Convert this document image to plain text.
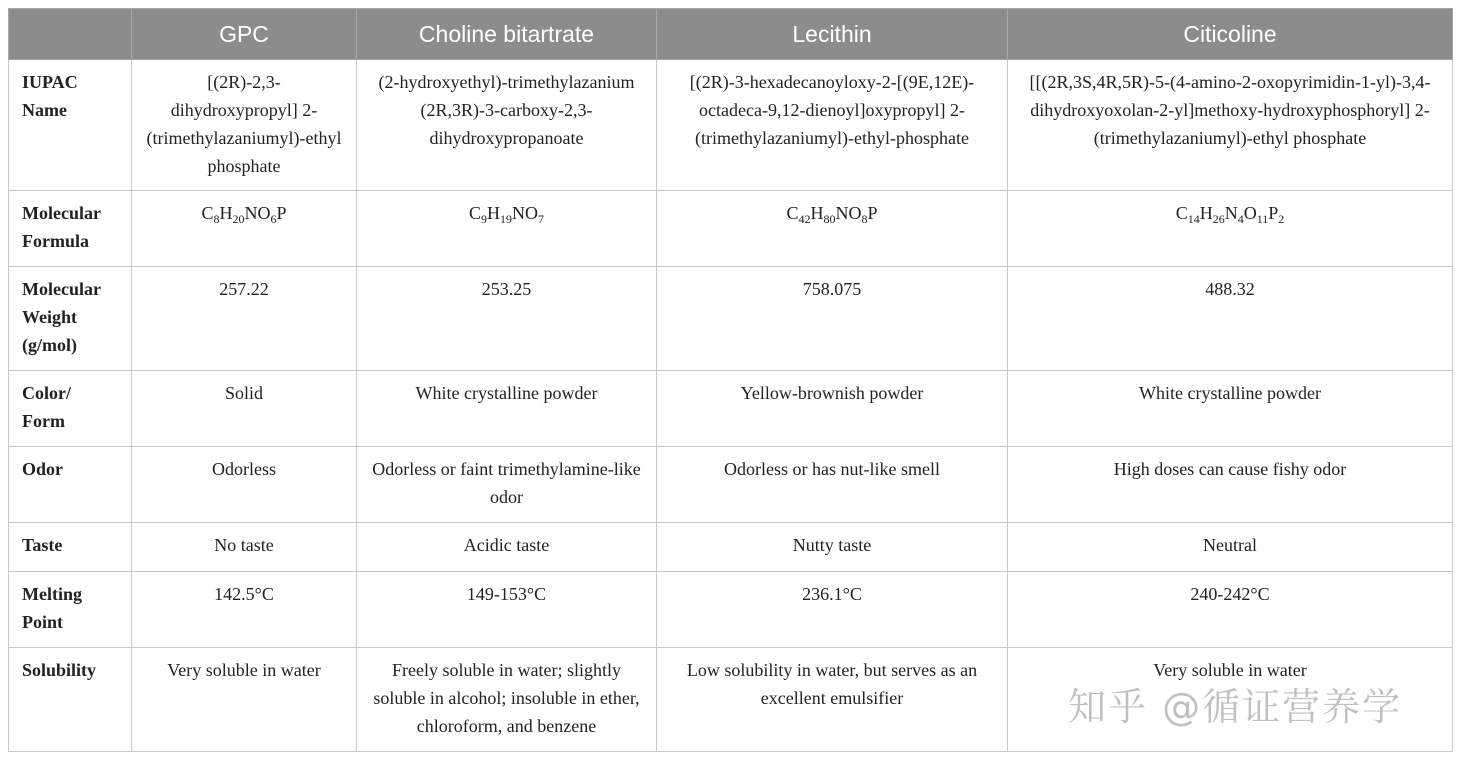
	GPC	Choline bitartrate	Lecithin	Citicoline
IUPAC Name	[(2R)-2,3-dihydroxypropyl] 2-(trimethylazaniumyl)-ethyl phosphate	(2-hydroxyethyl)-trimethylazanium (2R,3R)-3-carboxy-2,3-dihydroxypropanoate	[(2R)-3-hexadecanoyloxy-2-[(9E,12E)-octadeca-9,12-dienoyl]oxypropyl] 2-(trimethylazaniumyl)-ethyl-phosphate	[[(2R,3S,4R,5R)-5-(4-amino-2-oxopyrimidin-1-yl)-3,4-dihydroxyoxolan-2-yl]methoxy-hydroxyphosphoryl] 2-(trimethylazaniumyl)-ethyl phosphate
Molecular Formula	$C_8H_{20}NO_6P$	$C_9H_{19}NO_7$	$C_{42}H_{80}NO_8P$	$C_{14}H_{26}N_4O_{11}P_2$
Molecular Weight (g/mol)	257.22	253.25	758.075	488.32
Color/ Form	Solid	White crystalline powder	Yellow-brownish powder	White crystalline powder
Odor	Odorless	Odorless or faint trimethylamine-like odor	Odorless or has nut-like smell	High doses can cause fishy odor
Taste	No taste	Acidic taste	Nutty taste	Neutral
Melting Point	142.5°C	149-153°C	236.1°C	240-242°C
Solubility	Very soluble in water	Freely soluble in water; slightly soluble in alcohol; insoluble in ether, chloroform, and benzene	Low solubility in water, but serves as an excellent emulsifier	Very soluble in water
知乎 @循证营养学
